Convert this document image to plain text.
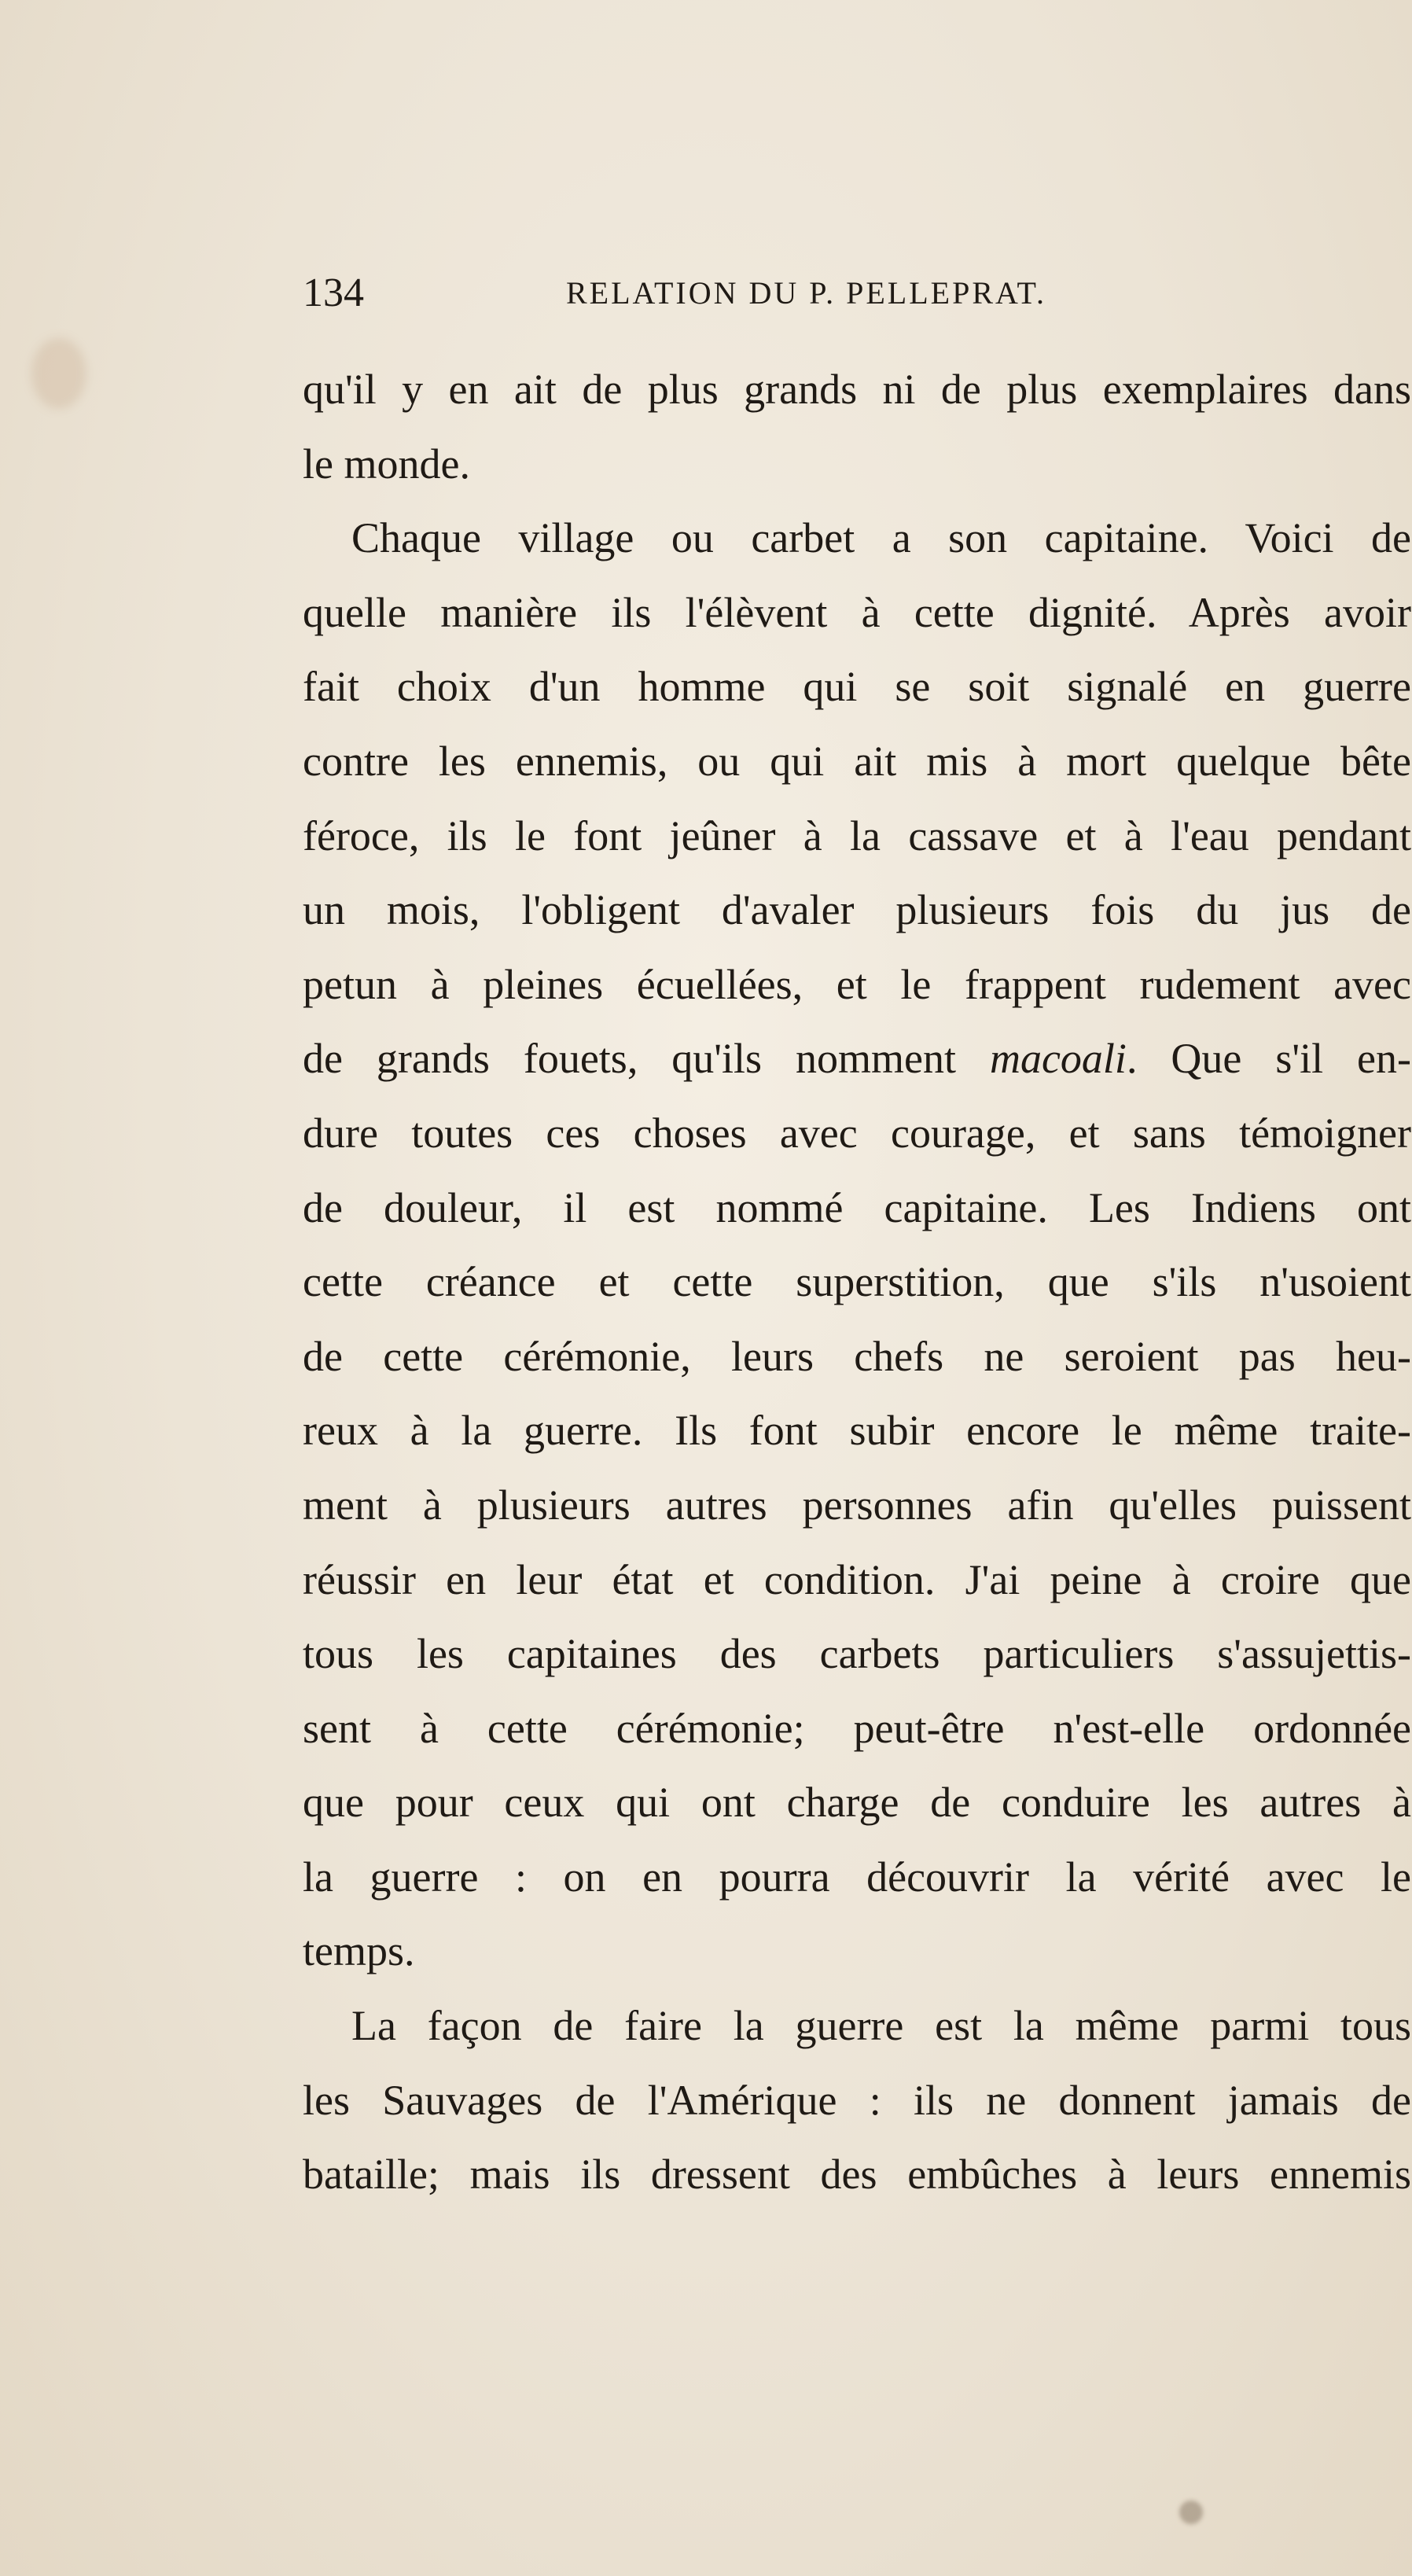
134	RELATION DU P. PELLEPRAT.
qu'il y en ait de plus grands ni de plus exemplaires dans
le monde.
Chaque village ou carbet a son capitaine. Voici de
quelle manière ils l'élèvent à cette dignité. Après avoir
fait choix d'un homme qui se soit signalé en guerre
contre les ennemis, ou qui ait mis à mort quelque bête
féroce, ils le font jeûner à la cassave et à l'eau pendant
un mois, l'obligent d'avaler plusieurs fois du jus de
petun à pleines écuellées, et le frappent rudement avec
de grands fouets, qu'ils nomment macoali. Que s'il en-
dure toutes ces choses avec courage, et sans témoigner
de douleur, il est nommé capitaine. Les Indiens ont
cette créance et cette superstition, que s'ils n'usoient
de cette cérémonie, leurs chefs ne seroient pas heu-
reux à la guerre. Ils font subir encore le même traite-
ment à plusieurs autres personnes afin qu'elles puissent
réussir en leur état et condition. J'ai peine à croire que
tous les capitaines des carbets particuliers s'assujettis-
sent à cette cérémonie; peut-être n'est-elle ordonnée
que pour ceux qui ont charge de conduire les autres à
la guerre : on en pourra découvrir la vérité avec le
temps.
La façon de faire la guerre est la même parmi tous
les Sauvages de l'Amérique : ils ne donnent jamais de
bataille; mais ils dressent des embûches à leurs ennemis
